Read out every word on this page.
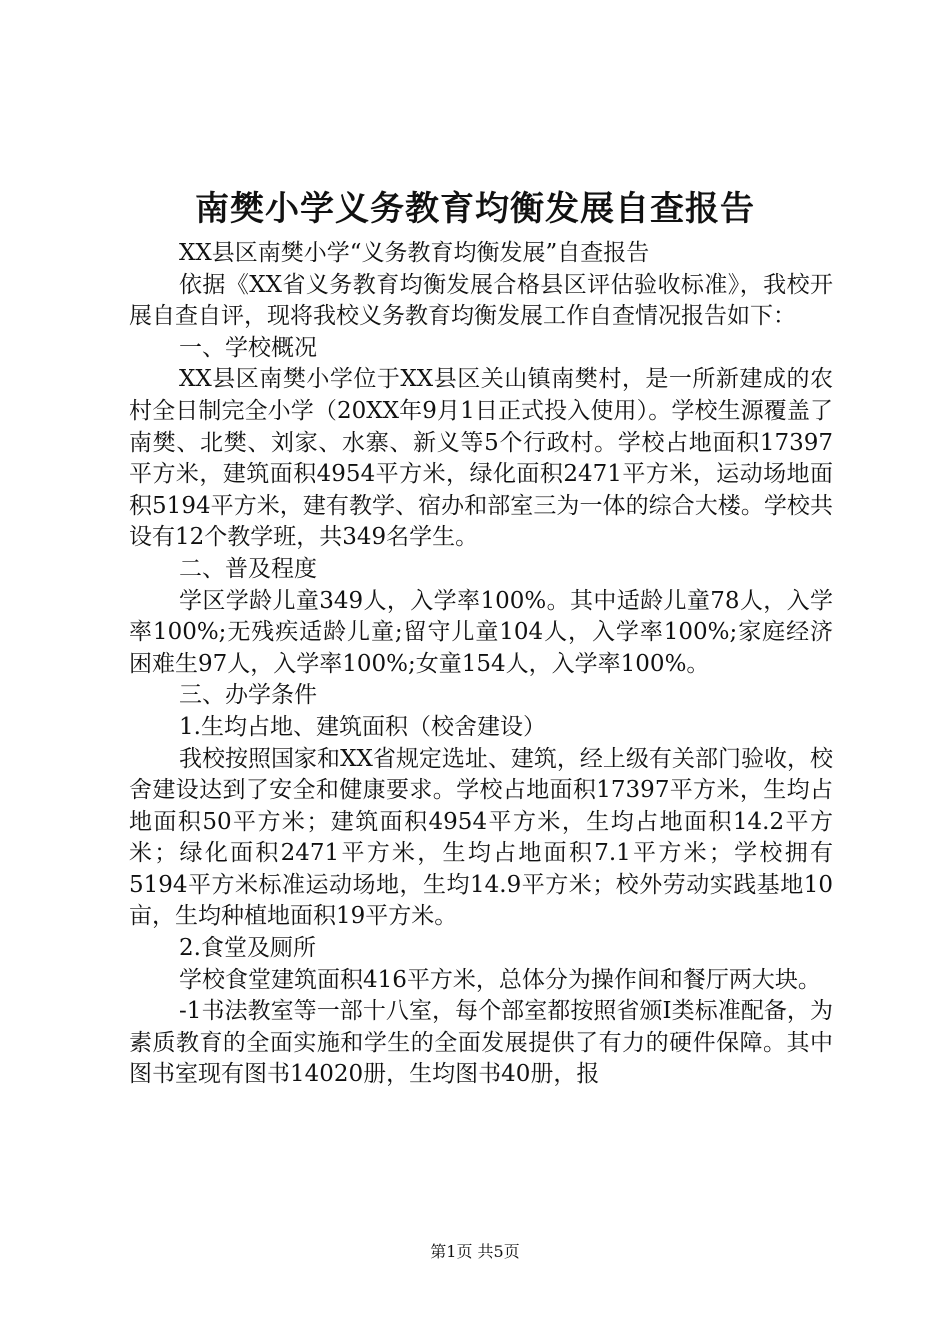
南樊小学义务教育均衡发展自查报告

XX县区南樊小学“义务教育均衡发展”自查报告

依据《XX省义务教育均衡发展合格县区评估验收标准》，我校开展自查自评，现将我校义务教育均衡发展工作自查情况报告如下：

一、学校概况

XX县区南樊小学位于XX县区关山镇南樊村，是一所新建成的农村全日制完全小学（20XX年9月1日正式投入使用）。学校生源覆盖了南樊、北樊、刘家、水寨、新义等5个行政村。学校占地面积17397平方米，建筑面积4954平方米，绿化面积2471平方米，运动场地面积5194平方米，建有教学、宿办和部室三为一体的综合大楼。学校共设有12个教学班，共349名学生。

二、普及程度

学区学龄儿童349人，入学率100%。其中适龄儿童78人，入学率100%;无残疾适龄儿童;留守儿童104人，入学率100%;家庭经济困难生97人，入学率100%;女童154人，入学率100%。

三、办学条件

1.生均占地、建筑面积（校舍建设）

我校按照国家和XX省规定选址、建筑，经上级有关部门验收，校舍建设达到了安全和健康要求。学校占地面积17397平方米，生均占地面积50平方米；建筑面积4954平方米，生均占地面积14.2平方米；绿化面积2471平方米，生均占地面积7.1平方米；学校拥有5194平方米标准运动场地，生均14.9平方米；校外劳动实践基地10亩，生均种植地面积19平方米。

2.食堂及厕所

学校食堂建筑面积416平方米，总体分为操作间和餐厅两大块。

-1书法教室等一部十八室，每个部室都按照省颁Ⅰ类标准配备，为素质教育的全面实施和学生的全面发展提供了有力的硬件保障。其中图书室现有图书14020册，生均图书40册，报

第1页 共5页
